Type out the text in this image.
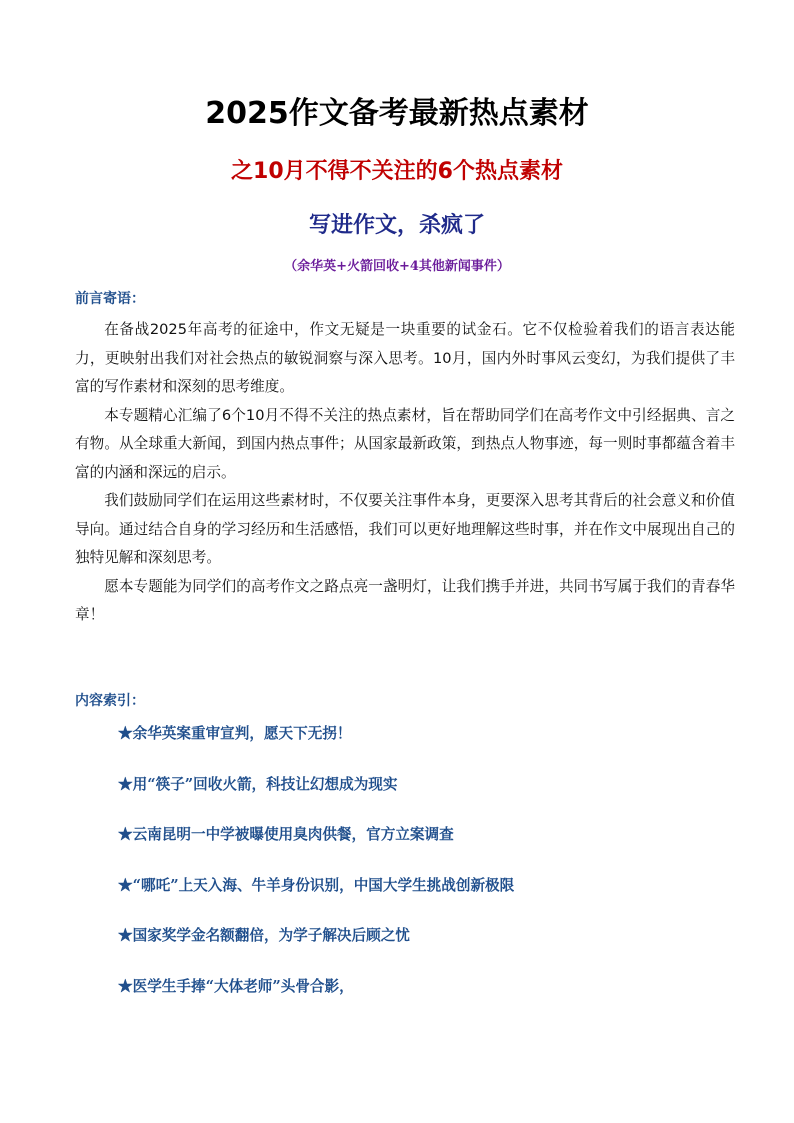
2025作文备考最新热点素材
之10月不得不关注的6个热点素材
写进作文，杀疯了
（余华英+火箭回收+4其他新闻事件）
前言寄语：

在备战2025年高考的征途中，作文无疑是一块重要的试金石。它不仅检验着我们的语言表达能力，更映射出我们对社会热点的敏锐洞察与深入思考。10月，国内外时事风云变幻，为我们提供了丰富的写作素材和深刻的思考维度。

本专题精心汇编了6个10月不得不关注的热点素材，旨在帮助同学们在高考作文中引经据典、言之有物。从全球重大新闻，到国内热点事件；从国家最新政策，到热点人物事迹，每一则时事都蕴含着丰富的内涵和深远的启示。

我们鼓励同学们在运用这些素材时，不仅要关注事件本身，更要深入思考其背后的社会意义和价值导向。通过结合自身的学习经历和生活感悟，我们可以更好地理解这些时事，并在作文中展现出自己的独特见解和深刻思考。

愿本专题能为同学们的高考作文之路点亮一盏明灯，让我们携手并进，共同书写属于我们的青春华章！

内容索引：
★余华英案重审宣判，愿天下无拐！
★用“筷子”回收火箭，科技让幻想成为现实
★云南昆明一中学被曝使用臭肉供餐，官方立案调查
★“哪吒”上天入海、牛羊身份识别，中国大学生挑战创新极限
★国家奖学金名额翻倍，为学子解决后顾之忧
★医学生手捧“大体老师”头骨合影，
